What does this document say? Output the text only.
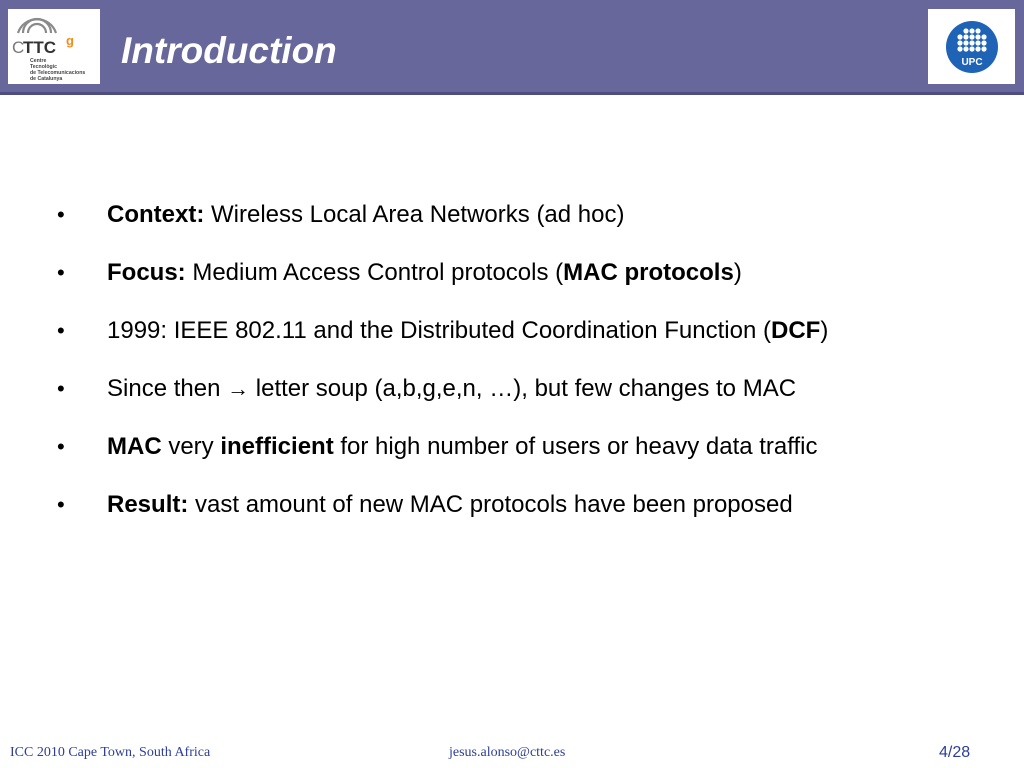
C
TTC g
Centre
Tecnològic
de Telecomunicacions
de Catalunya
Introduction	UPC
• Context: Wireless Local Area Networks (ad hoc)
• Focus: Medium Access Control protocols (MAC protocols)
• 1999: IEEE 802.11 and the Distributed Coordination Function (DCF)
• Since then → letter soup (a,b,g,e,n, …), but few changes to MAC
• MAC very inefficient for high number of users or heavy data traffic
• Result: vast amount of new MAC protocols have been proposed
ICC 2010 Cape Town, South Africa	jesus.alonso@cttc.es	4/28
